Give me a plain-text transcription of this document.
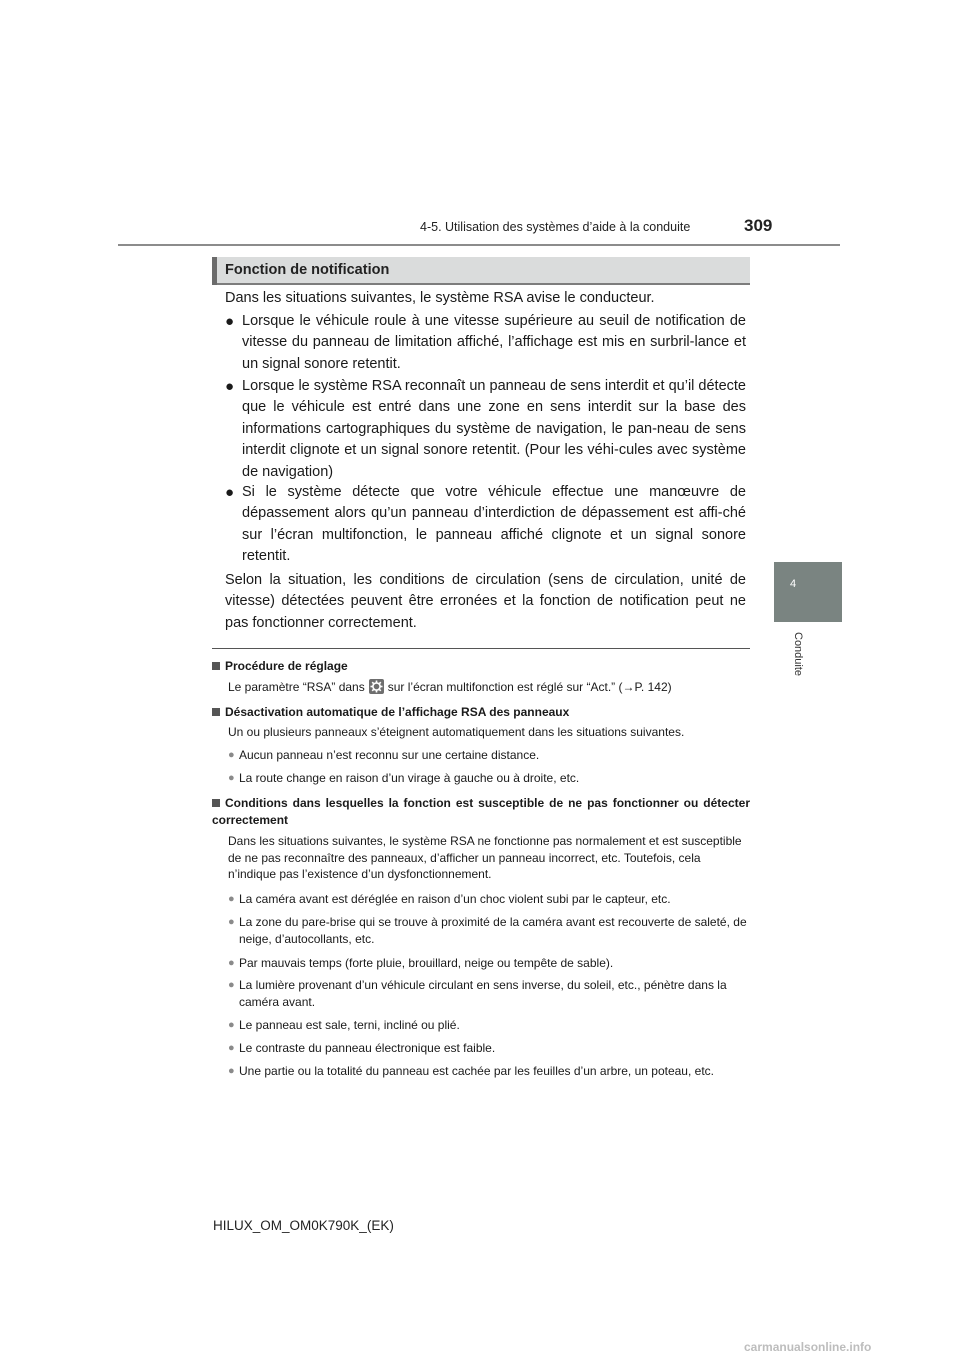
4-5. Utilisation des systèmes d’aide à la conduite	309
4
Conduite
Fonction de notification
Dans les situations suivantes, le système RSA avise le conducteur.
● Lorsque le véhicule roule à une vitesse supérieure au seuil de notification de vitesse du panneau de limitation affiché, l’affichage est mis en surbril-lance et un signal sonore retentit.
● Lorsque le système RSA reconnaît un panneau de sens interdit et qu’il détecte que le véhicule est entré dans une zone en sens interdit sur la base des informations cartographiques du système de navigation, le pan-neau de sens interdit clignote et un signal sonore retentit. (Pour les véhi-cules avec système de navigation)
● Si le système détecte que votre véhicule effectue une manœuvre de dépassement alors qu’un panneau d’interdiction de dépassement est affi-ché sur l’écran multifonction, le panneau affiché clignote et un signal sonore retentit.
Selon la situation, les conditions de circulation (sens de circulation, unité de vitesse) détectées peuvent être erronées et la fonction de notification peut ne pas fonctionner correctement.
Procédure de réglage
Le paramètre “RSA” dans sur l’écran multifonction est réglé sur “Act.” (→P. 142)
Désactivation automatique de l’affichage RSA des panneaux
Un ou plusieurs panneaux s’éteignent automatiquement dans les situations suivantes.
● Aucun panneau n’est reconnu sur une certaine distance.
● La route change en raison d’un virage à gauche ou à droite, etc.
Conditions dans lesquelles la fonction est susceptible de ne pas fonctionner ou détecter correctement
Dans les situations suivantes, le système RSA ne fonctionne pas normalement et est susceptible de ne pas reconnaître des panneaux, d’afficher un panneau incorrect, etc. Toutefois, cela n’indique pas l’existence d’un dysfonctionnement.
● La caméra avant est déréglée en raison d’un choc violent subi par le capteur, etc.
● La zone du pare-brise qui se trouve à proximité de la caméra avant est recouverte de saleté, de neige, d’autocollants, etc.
● Par mauvais temps (forte pluie, brouillard, neige ou tempête de sable).
● La lumière provenant d’un véhicule circulant en sens inverse, du soleil, etc., pénètre dans la caméra avant.
● Le panneau est sale, terni, incliné ou plié.
● Le contraste du panneau électronique est faible.
● Une partie ou la totalité du panneau est cachée par les feuilles d’un arbre, un poteau, etc.
HILUX_OM_OM0K790K_(EK)
carmanualsonline.info
